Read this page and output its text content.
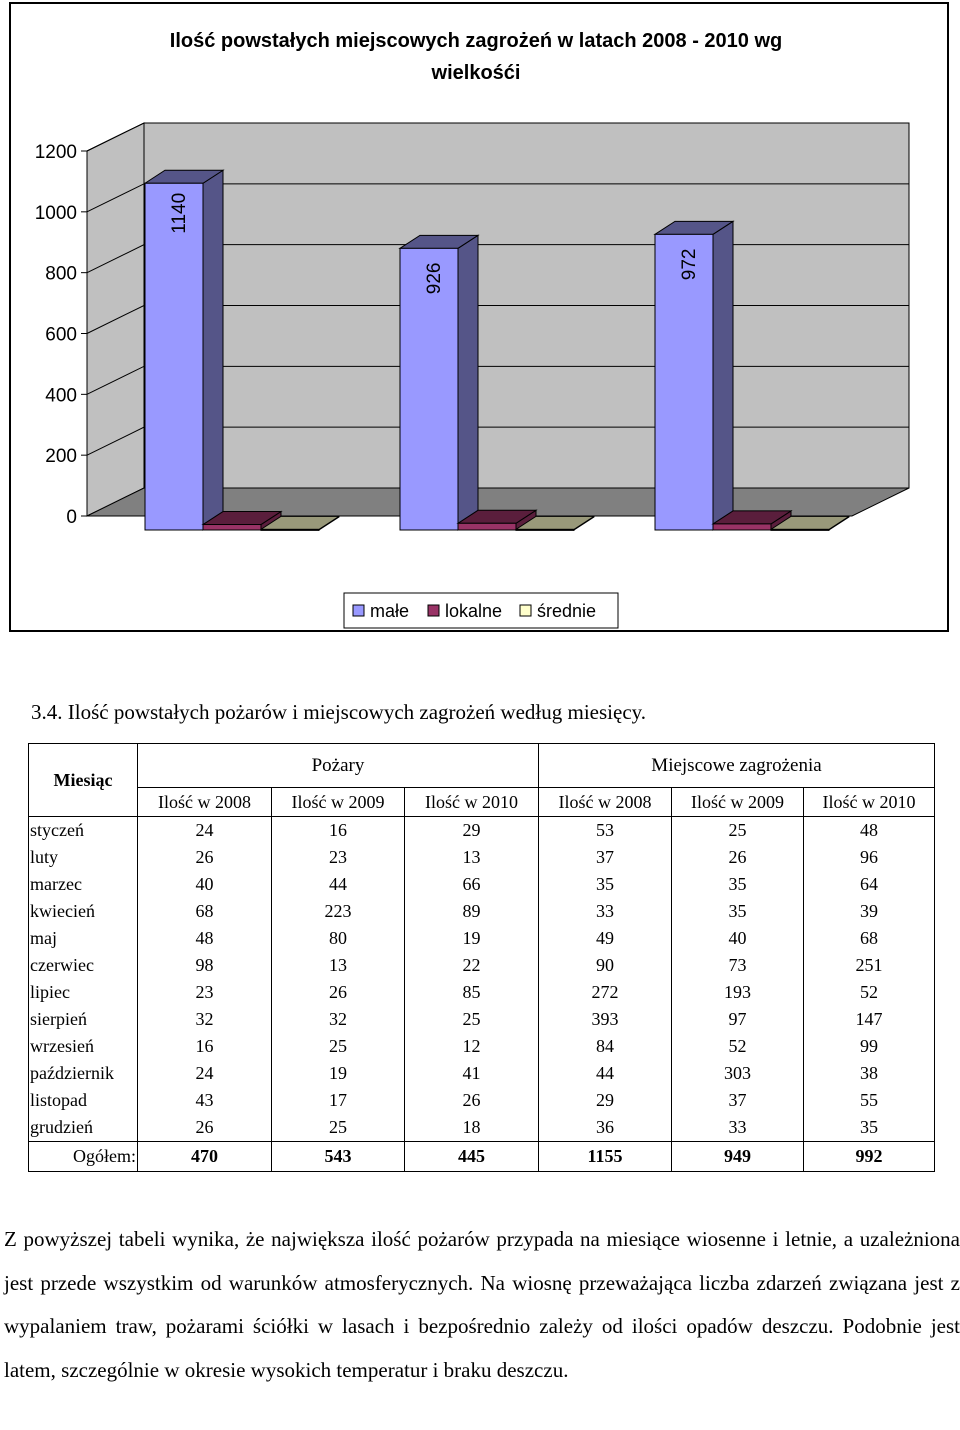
Ilość powstałych miejscowych zagrożeń w latach 2008 - 2010 wg wielkośći
0
200
400
600
800
1000
1200
1140
926	972
małe lokalne średnie
3.4. Ilość powstałych pożarów i miejscowych zagrożeń według miesięcy.
Miesiąc	Pożary			Miejscowe zagrożenia		
	Ilość w 2008	Ilość w 2009	Ilość w 2010	Ilość w 2008	Ilość w 2009	Ilość w 2010
styczeń	24	16	29	53	25	48
luty	26	23	13	37	26	96
marzec	40	44	66	35	35	64
kwiecień	68	223	89	33	35	39
maj	48	80	19	49	40	68
czerwiec	98	13	22	90	73	251
lipiec	23	26	85	272	193	52
sierpień	32	32	25	393	97	147
wrzesień	16	25	12	84	52	99
październik	24	19	41	44	303	38
listopad	43	17	26	29	37	55
grudzień	26	25	18	36	33	35
Ogółem:	470	543	445	1155	949	992
Z powyższej tabeli wynika, że największa ilość pożarów przypada na miesiące wiosenne i letnie, a uzależniona jest przede wszystkim od warunków atmosferycznych. Na wiosnę przeważająca liczba zdarzeń związana jest z wypalaniem traw, pożarami ściółki w lasach i bezpośrednio zależy od ilości opadów deszczu. Podobnie jest latem, szczególnie w okresie wysokich temperatur i braku deszczu.
